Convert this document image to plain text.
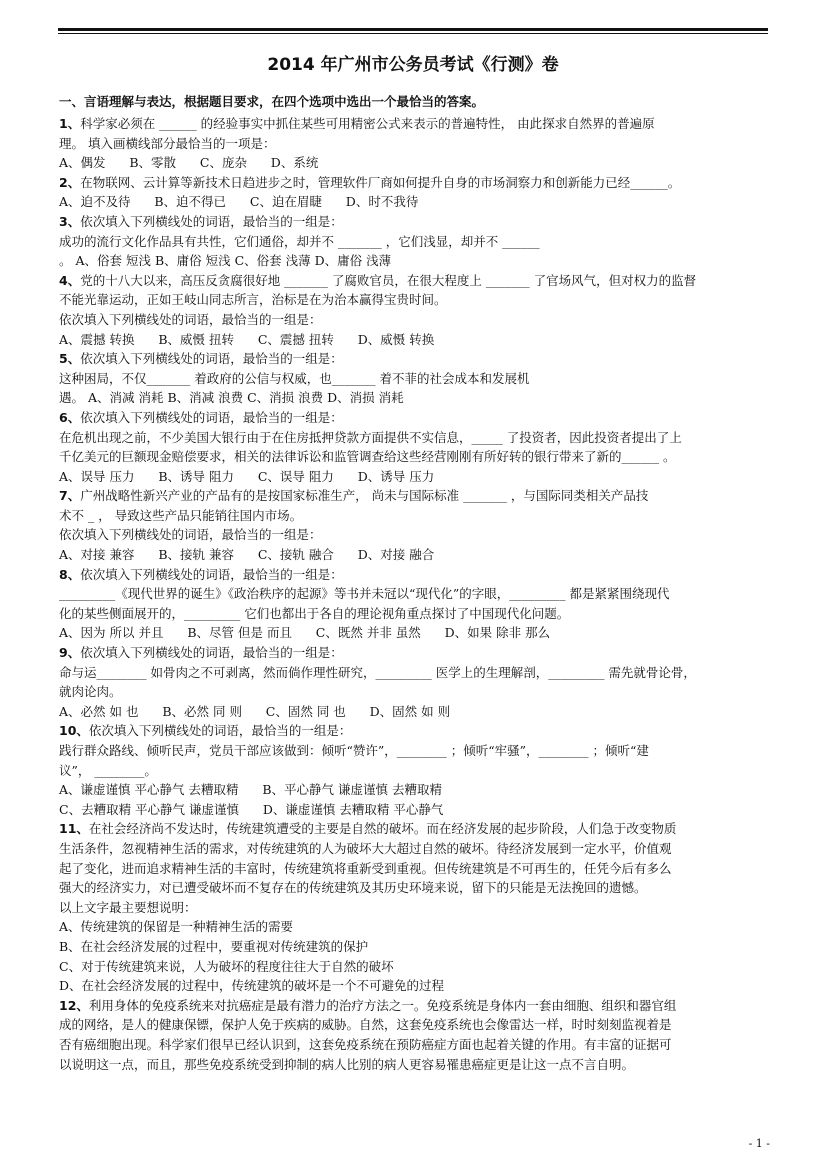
2014 年广州市公务员考试《行测》卷
一、言语理解与表达，根据题目要求，在四个选项中选出一个最恰当的答案。
1、科学家必须在 ______ 的经验事实中抓住某些可用精密公式来表示的普遍特性， 由此探求自然界的普遍原
理。 填入画横线部分最恰当的一项是：
A、偶发      B、零散      C、庞杂      D、系统
2、在物联网、云计算等新技术日趋进步之时，管理软件厂商如何提升自身的市场洞察力和创新能力已经______。
A、迫不及待      B、迫不得已      C、迫在眉睫      D、时不我待
3、依次填入下列横线处的词语，最恰当的一组是：
成功的流行文化作品具有共性，它们通俗，却并不 _______ ，它们浅显，却并不 ______
。 A、俗套 短浅 B、庸俗 短浅 C、俗套 浅薄 D、庸俗 浅薄
4、党的十八大以来，高压反贪腐很好地 _______ 了腐败官员，在很大程度上 _______ 了官场风气，但对权力的监督
不能光靠运动，正如王岐山同志所言，治标是在为治本赢得宝贵时间。
依次填入下列横线处的词语，最恰当的一组是：
A、震撼 转换      B、威慑 扭转      C、震撼 扭转      D、威慑 转换
5、依次填入下列横线处的词语，最恰当的一组是：
这种困局，不仅_______ 着政府的公信与权威，也_______ 着不菲的社会成本和发展机
遇。 A、消减 消耗 B、消减 浪费 C、消损 浪费 D、消损 消耗
6、依次填入下列横线处的词语，最恰当的一组是：
在危机出现之前，不少美国大银行由于在住房抵押贷款方面提供不实信息，_____ 了投资者，因此投资者提出了上
千亿美元的巨额现金赔偿要求，相关的法律诉讼和监管调查给这些经营刚刚有所好转的银行带来了新的______ 。
A、误导 压力      B、诱导 阻力      C、误导 阻力      D、诱导 压力
7、广州战略性新兴产业的产品有的是按国家标准生产， 尚未与国际标准 _______ ，与国际同类相关产品技
术不 _ ， 导致这些产品只能销往国内市场。
依次填入下列横线处的词语，最恰当的一组是：
A、对接 兼容      B、接轨 兼容      C、接轨 融合      D、对接 融合
8、依次填入下列横线处的词语，最恰当的一组是：
_________《现代世界的诞生》《政治秩序的起源》等书并未冠以“现代化”的字眼，_________ 都是紧紧围绕现代
化的某些侧面展开的，_________ 它们也都出于各自的理论视角重点探讨了中国现代化问题。
A、因为 所以 并且      B、尽管 但是 而且      C、既然 并非 虽然      D、如果 除非 那么
9、依次填入下列横线处的词语，最恰当的一组是：
命与运________ 如骨肉之不可剥离，然而倘作理性研究，_________ 医学上的生理解剖，_________ 需先就骨论骨，
就肉论肉。
A、必然 如 也      B、必然 同 则      C、固然 同 也      D、固然 如 则
10、依次填入下列横线处的词语，最恰当的一组是：
践行群众路线、倾听民声，党员干部应该做到：倾听“赞许”，________ ；倾听“牢骚”，________ ；倾听“建
议”， ________。
A、谦虚谨慎 平心静气 去糟取精      B、平心静气 谦虚谨慎 去糟取精
C、去糟取精 平心静气 谦虚谨慎      D、谦虚谨慎 去糟取精 平心静气
11、在社会经济尚不发达时，传统建筑遭受的主要是自然的破坏。而在经济发展的起步阶段，人们急于改变物质
生活条件，忽视精神生活的需求，对传统建筑的人为破坏大大超过自然的破坏。待经济发展到一定水平，价值观
起了变化，进而追求精神生活的丰富时，传统建筑将重新受到重视。但传统建筑是不可再生的，任凭今后有多么
强大的经济实力，对已遭受破坏而不复存在的传统建筑及其历史环境来说，留下的只能是无法挽回的遗憾。
以上文字最主要想说明：
A、传统建筑的保留是一种精神生活的需要
B、在社会经济发展的过程中，要重视对传统建筑的保护
C、对于传统建筑来说，人为破坏的程度往往大于自然的破坏
D、在社会经济发展的过程中，传统建筑的破坏是一个不可避免的过程
12、利用身体的免疫系统来对抗癌症是最有潜力的治疗方法之一。免疫系统是身体内一套由细胞、组织和器官组
成的网络，是人的健康保镖，保护人免于疾病的威胁。自然，这套免疫系统也会像雷达一样，时时刻刻监视着是
否有癌细胞出现。科学家们很早已经认识到，这套免疫系统在预防癌症方面也起着关键的作用。有丰富的证据可
以说明这一点，而且，那些免疫系统受到抑制的病人比别的病人更容易罹患癌症更是让这一点不言自明。
- 1 -
